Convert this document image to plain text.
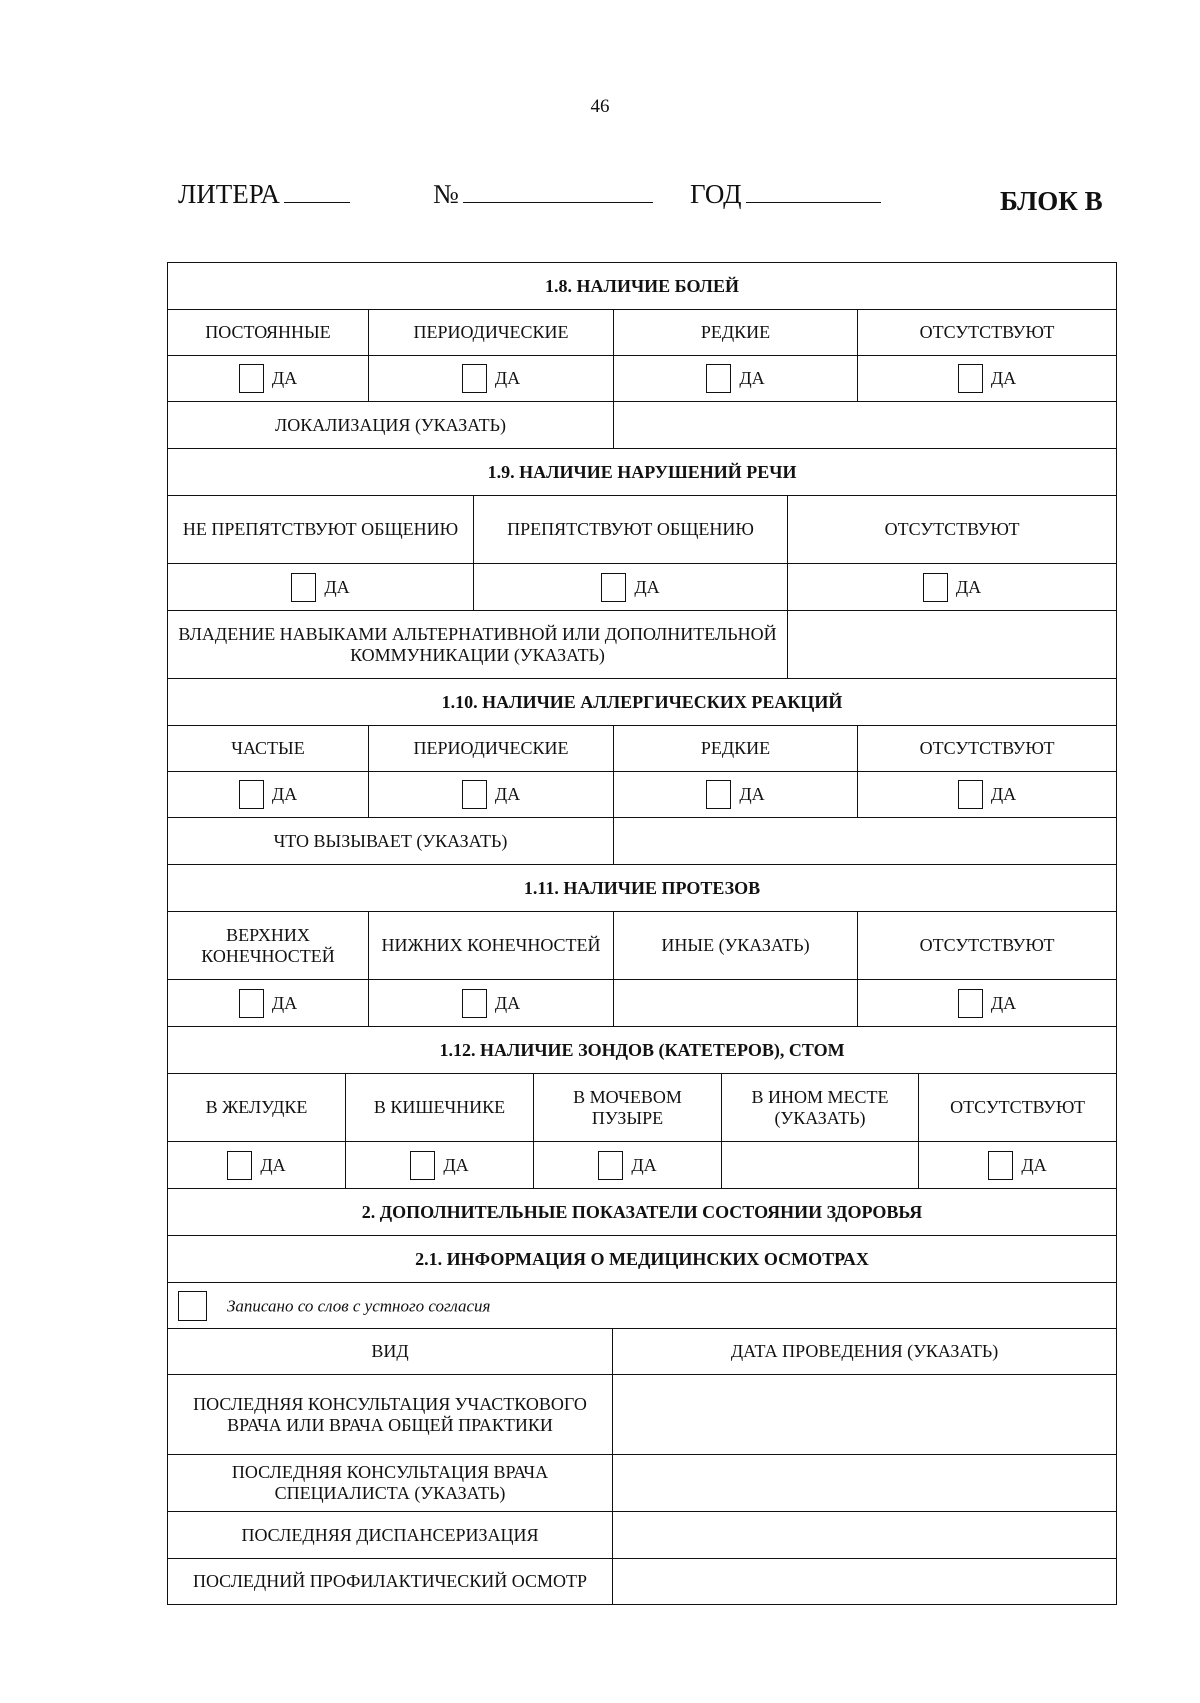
46
ЛИТЕРА	№	ГОД	БЛОК В
1.8. НАЛИЧИЕ БОЛЕЙ			
ПОСТОЯННЫЕ	ПЕРИОДИЧЕСКИЕ	РЕДКИЕ	ОТСУТСТВУЮТ
ДА	ДА	ДА	ДА
ЛОКАЛИЗАЦИЯ (УКАЗАТЬ)			
1.9. НАЛИЧИЕ НАРУШЕНИЙ РЕЧИ		
НЕ ПРЕПЯТСТВУЮТ ОБЩЕНИЮ	ПРЕПЯТСТВУЮТ ОБЩЕНИЮ	ОТСУТСТВУЮТ
ДА	ДА	ДА
ВЛАДЕНИЕ НАВЫКАМИ АЛЬТЕРНАТИВНОЙ ИЛИ ДОПОЛНИТЕЛЬНОЙ КОММУНИКАЦИИ (УКАЗАТЬ)		
1.10. НАЛИЧИЕ АЛЛЕРГИЧЕСКИХ РЕАКЦИЙ			
ЧАСТЫЕ	ПЕРИОДИЧЕСКИЕ	РЕДКИЕ	ОТСУТСТВУЮТ
ДА	ДА	ДА	ДА
ЧТО ВЫЗЫВАЕТ (УКАЗАТЬ)			
1.11. НАЛИЧИЕ ПРОТЕЗОВ			
ВЕРХНИХ КОНЕЧНОСТЕЙ	НИЖНИХ КОНЕЧНОСТЕЙ	ИНЫЕ (УКАЗАТЬ)	ОТСУТСТВУЮТ
ДА	ДА		ДА
1.12. НАЛИЧИЕ ЗОНДОВ (КАТЕТЕРОВ), СТОМ				
В ЖЕЛУДКЕ	В КИШЕЧНИКЕ	В МОЧЕВОМ ПУЗЫРЕ	В ИНОМ МЕСТЕ (УКАЗАТЬ)	ОТСУТСТВУЮТ
ДА	ДА	ДА		ДА
2. ДОПОЛНИТЕЛЬНЫЕ ПОКАЗАТЕЛИ СОСТОЯНИИ ЗДОРОВЬЯ	
2.1. ИНФОРМАЦИЯ О МЕДИЦИНСКИХ ОСМОТРАХ	
Записано со слов с устного согласия	
ВИД	ДАТА ПРОВЕДЕНИЯ (УКАЗАТЬ)
ПОСЛЕДНЯЯ КОНСУЛЬТАЦИЯ УЧАСТКОВОГО ВРАЧА ИЛИ ВРАЧА ОБЩЕЙ ПРАКТИКИ	
ПОСЛЕДНЯЯ КОНСУЛЬТАЦИЯ ВРАЧА СПЕЦИАЛИСТА (УКАЗАТЬ)	
ПОСЛЕДНЯЯ ДИСПАНСЕРИЗАЦИЯ	
ПОСЛЕДНИЙ ПРОФИЛАКТИЧЕСКИЙ ОСМОТР	
